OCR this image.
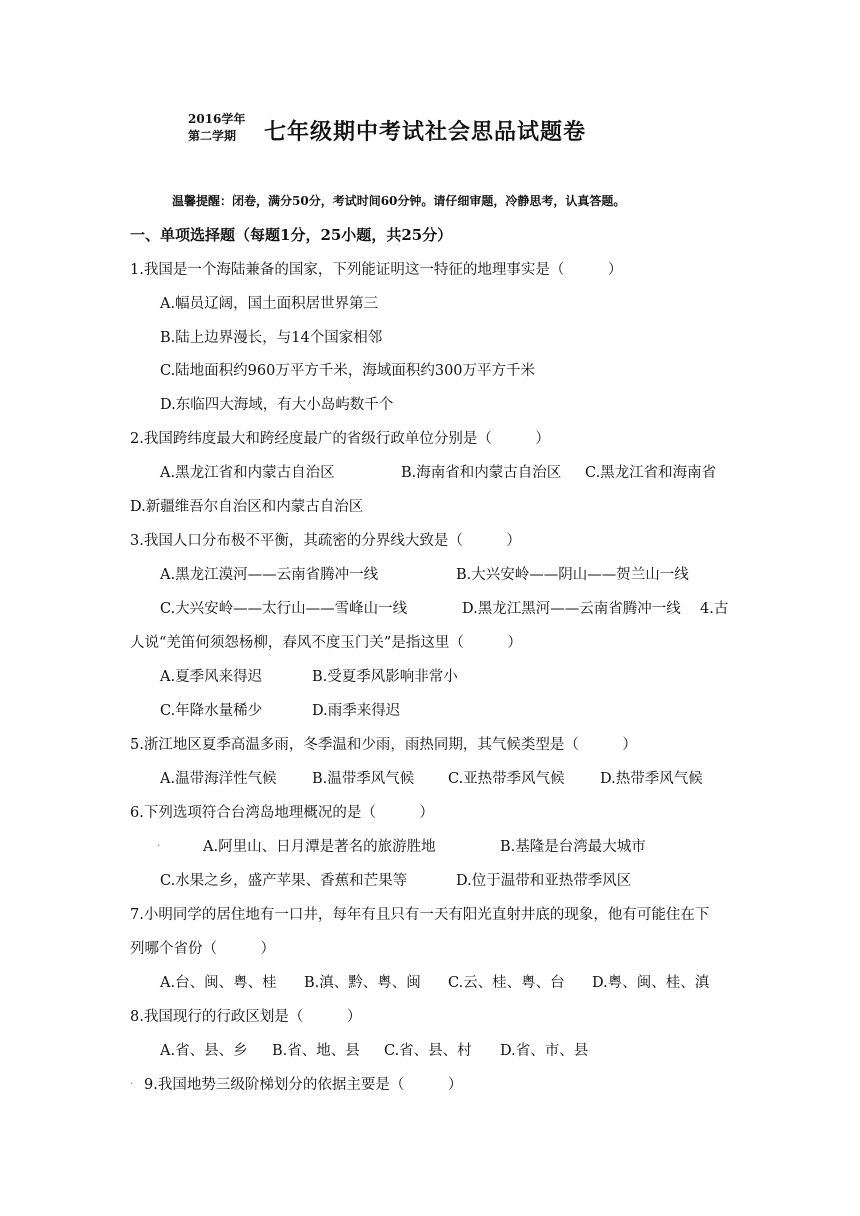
2016学年
第二学期 七年级期中考试社会思品试题卷
温馨提醒：闭卷，满分50分，考试时间60分钟。请仔细审题，冷静思考，认真答题。
一、单项选择题（每题1分，25小题，共25分）
1.我国是一个海陆兼备的国家，下列能证明这一特征的地理事实是（　　　）
A.幅员辽阔，国土面积居世界第三
B.陆上边界漫长，与14个国家相邻
C.陆地面积约960万平方千米，海域面积约300万平方千米
D.东临四大海域，有大小岛屿数千个
2.我国跨纬度最大和跨经度最广的省级行政单位分别是（　　　）
A.黑龙江省和内蒙古自治区	B.海南省和内蒙古自治区 C.黑龙江省和海南省
D.新疆维吾尔自治区和内蒙古自治区
3.我国人口分布极不平衡，其疏密的分界线大致是（　　　）
A.黑龙江漠河——云南省腾冲一线	B.大兴安岭——阴山——贺兰山一线
C.大兴安岭——太行山——雪峰山一线	D.黑龙江黑河——云南省腾冲一线 4.古
人说“羌笛何须怨杨柳，春风不度玉门关”是指这里（　　　）
A.夏季风来得迟	B.受夏季风影响非常小
C.年降水量稀少	D.雨季来得迟
5.浙江地区夏季高温多雨，冬季温和少雨，雨热同期，其气候类型是（　　　）
A.温带海洋性气候 B.温带季风气候 C.亚热带季风气候 D.热带季风气候
6.下列选项符合台湾岛地理概况的是（　　　）
.	A.阿里山、日月潭是著名的旅游胜地	B.基隆是台湾最大城市
C.水果之乡，盛产苹果、香蕉和芒果等	D.位于温带和亚热带季风区
7.小明同学的居住地有一口井，每年有且只有一天有阳光直射井底的现象，他有可能住在下
列哪个省份（　　　）
A.台、闽、粤、桂 B.滇、黔、粤、闽 C.云、桂、粤、台 D.粤、闽、桂、滇
8.我国现行的行政区划是（　　　）
A.省、县、乡 B.省、地、县 C.省、县、村 D.省、市、县
. 9.我国地势三级阶梯划分的依据主要是（　　　）
